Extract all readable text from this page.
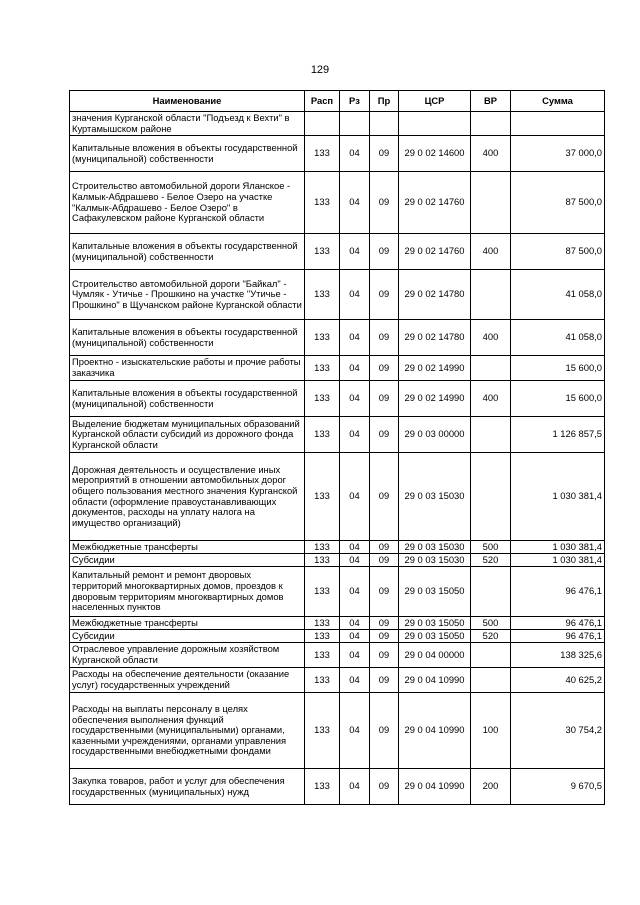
129
Наименование	Расп	Рз	Пр	ЦСР	ВР	Сумма
значения Курганской области "Подъезд к Вехти" в Куртамышском районе						
Капитальные вложения в объекты государственной (муниципальной) собственности	133	04	09	29 0 02 14600	400	37 000,0
Строительство автомобильной дороги Яланское - Калмык-Абдрашево - Белое Озеро на участке "Калмык-Абдрашево - Белое Озеро" в Сафакулевском районе Курганской области	133	04	09	29 0 02 14760		87 500,0
Капитальные вложения в объекты государственной (муниципальной) собственности	133	04	09	29 0 02 14760	400	87 500,0
Строительство автомобильной дороги "Байкал" - Чумляк - Утичье - Прошкино на участке "Утичье - Прошкино" в Щучанском районе Курганской области	133	04	09	29 0 02 14780		41 058,0
Капитальные вложения в объекты государственной (муниципальной) собственности	133	04	09	29 0 02 14780	400	41 058,0
Проектно - изыскательские работы и прочие работы заказчика	133	04	09	29 0 02 14990		15 600,0
Капитальные вложения в объекты государственной (муниципальной) собственности	133	04	09	29 0 02 14990	400	15 600,0
Выделение бюджетам муниципальных образований Курганской области субсидий из дорожного фонда Курганской области	133	04	09	29 0 03 00000		1 126 857,5
Дорожная деятельность и осуществление иных мероприятий в отношении автомобильных дорог общего пользования местного значения Курганской области (оформление правоустанавливающих документов, расходы на уплату налога на имущество организаций)	133	04	09	29 0 03 15030		1 030 381,4
Межбюджетные трансферты	133	04	09	29 0 03 15030	500	1 030 381,4
Субсидии	133	04	09	29 0 03 15030	520	1 030 381,4
Капитальный ремонт и ремонт дворовых территорий многоквартирных домов, проездов к дворовым территориям многоквартирных домов населенных пунктов	133	04	09	29 0 03 15050		96 476,1
Межбюджетные трансферты	133	04	09	29 0 03 15050	500	96 476,1
Субсидии	133	04	09	29 0 03 15050	520	96 476,1
Отраслевое управление дорожным хозяйством Курганской области	133	04	09	29 0 04 00000		138 325,6
Расходы на обеспечение деятельности (оказание услуг) государственных учреждений	133	04	09	29 0 04 10990		40 625,2
Расходы на выплаты персоналу в целях обеспечения выполнения функций государственными (муниципальными) органами, казенными учреждениями, органами управления государственными внебюджетными фондами	133	04	09	29 0 04 10990	100	30 754,2
Закупка товаров, работ и услуг для обеспечения государственных (муниципальных) нужд	133	04	09	29 0 04 10990	200	9 670,5
